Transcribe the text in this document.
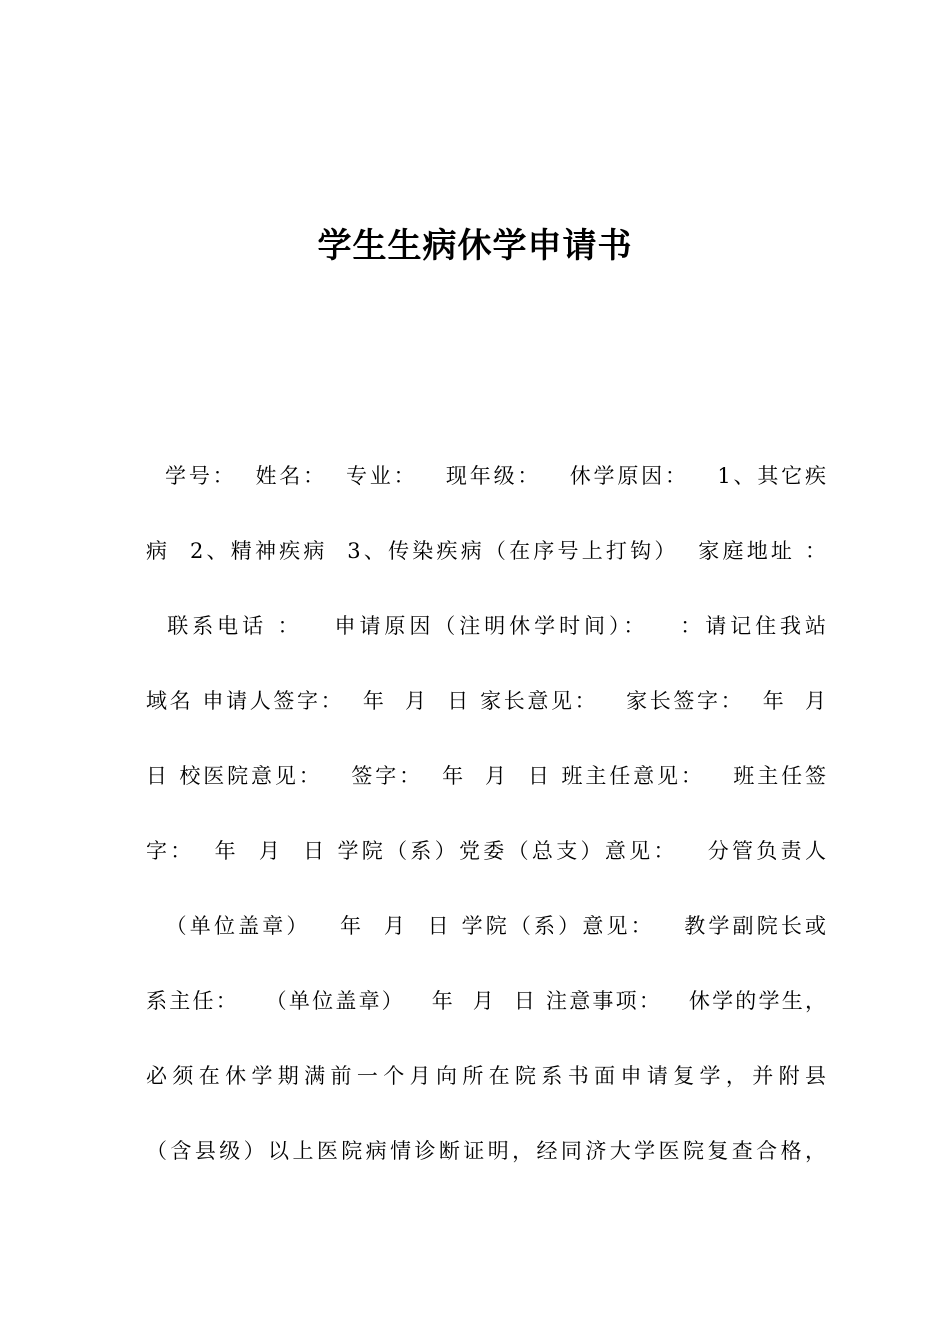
学生生病休学申请书
学号：  姓名：  专业：   现年级：   休学原因：   1、其它疾
病  2、精神疾病  3、传染疾病（在序号上打钩）  家庭地址 ：
联系电话 ：   申请原因（注明休学时间）：   ：请记住我站
域名 申请人签字：  年  月  日 家长意见：   家长签字：  年  月
日 校医院意见：   签字：  年  月  日 班主任意见：   班主任签
字：  年  月  日 学院（系）党委（总支）意见：   分管负责人
（单位盖章）   年  月  日 学院（系）意见：   教学副院长或
系主任：   （单位盖章）   年  月  日 注意事项：   休学的学生，
必须在休学期满前一个月向所在院系书面申请复学，并附县
（含县级）以上医院病情诊断证明，经同济大学医院复查合格，
